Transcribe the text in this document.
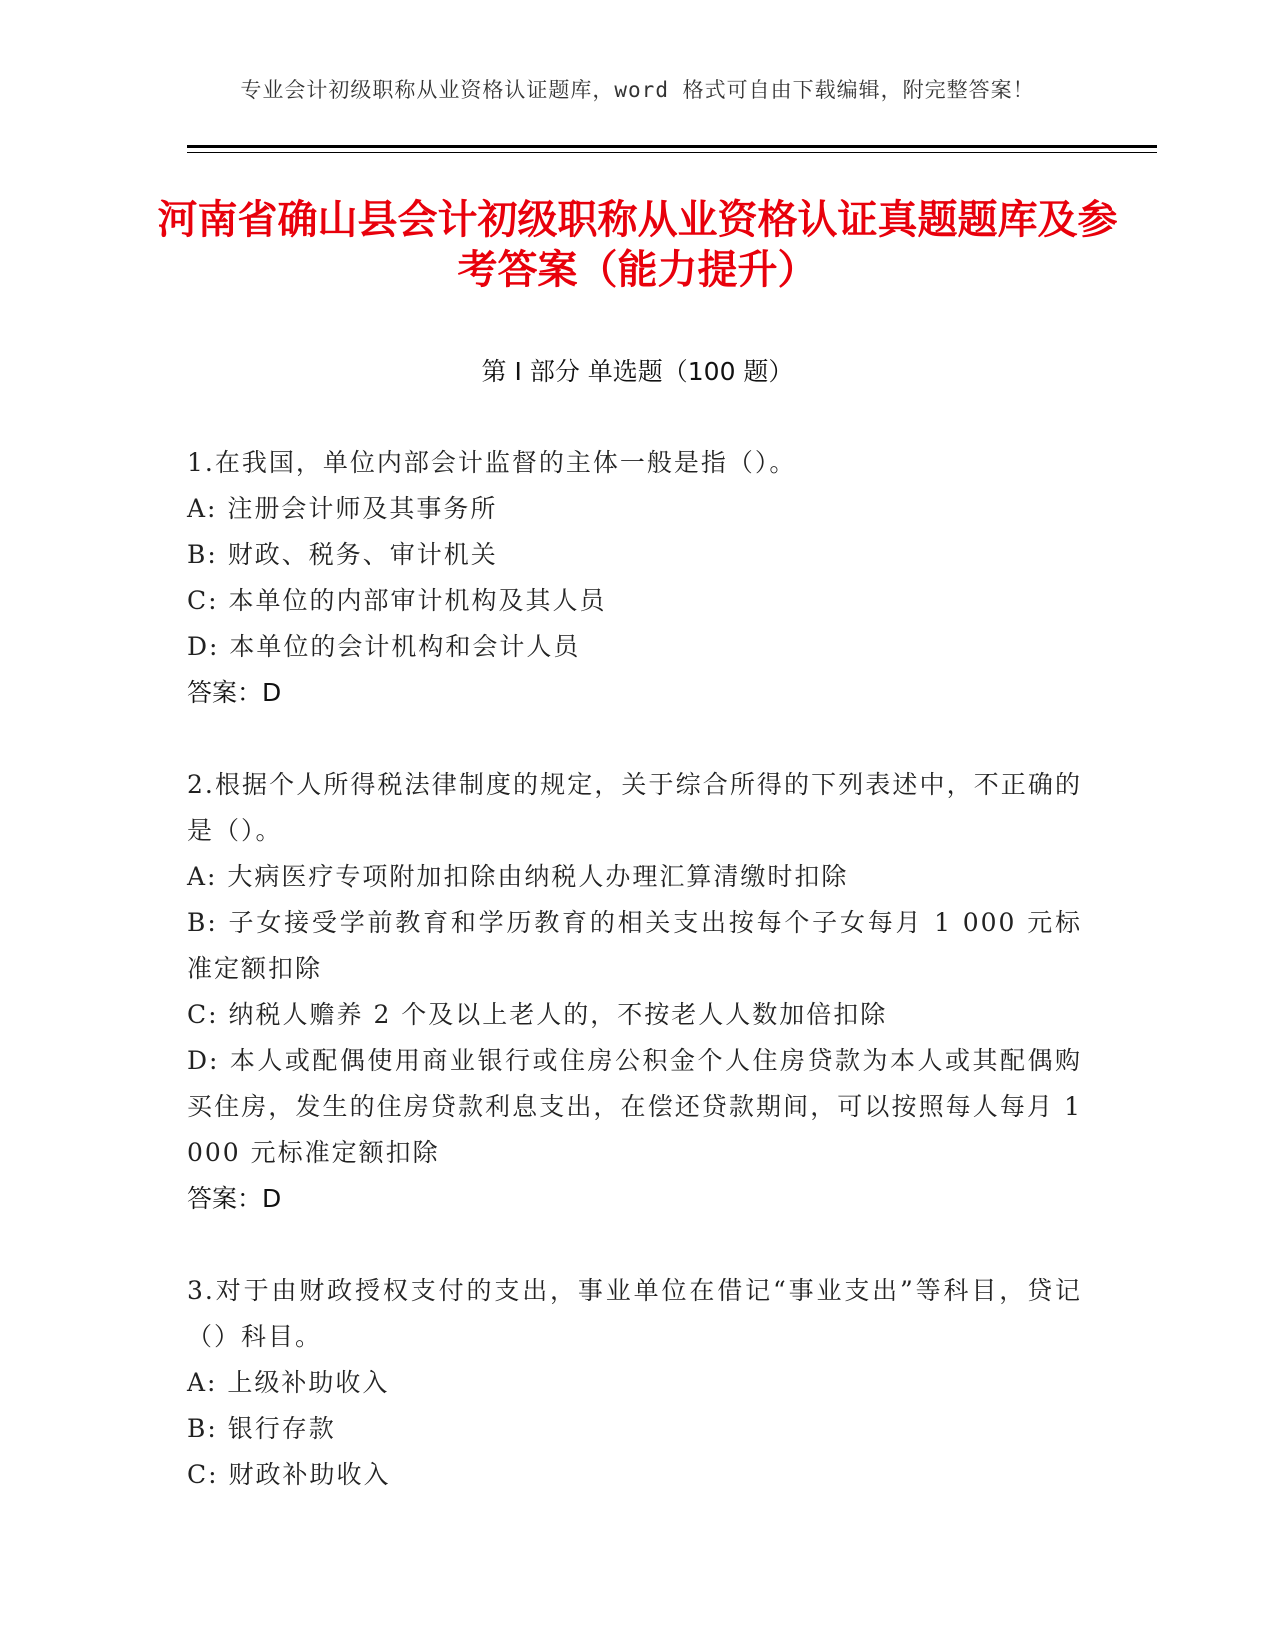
专业会计初级职称从业资格认证题库，word 格式可自由下载编辑，附完整答案！
河南省确山县会计初级职称从业资格认证真题题库及参考答案（能力提升）
第 I 部分 单选题（100 题）
1.在我国，单位内部会计监督的主体一般是指（）。
A: 注册会计师及其事务所
B: 财政、税务、审计机关
C: 本单位的内部审计机构及其人员
D: 本单位的会计机构和会计人员
答案：D
2.根据个人所得税法律制度的规定，关于综合所得的下列表述中，不正确的是（）。
A: 大病医疗专项附加扣除由纳税人办理汇算清缴时扣除
B: 子女接受学前教育和学历教育的相关支出按每个子女每月 1 000 元标准定额扣除
C: 纳税人赡养 2 个及以上老人的，不按老人人数加倍扣除
D: 本人或配偶使用商业银行或住房公积金个人住房贷款为本人或其配偶购买住房，发生的住房贷款利息支出，在偿还贷款期间，可以按照每人每月 1 000 元标准定额扣除
答案：D
3.对于由财政授权支付的支出，事业单位在借记“事业支出”等科目，贷记（）科目。
A: 上级补助收入
B: 银行存款
C: 财政补助收入
